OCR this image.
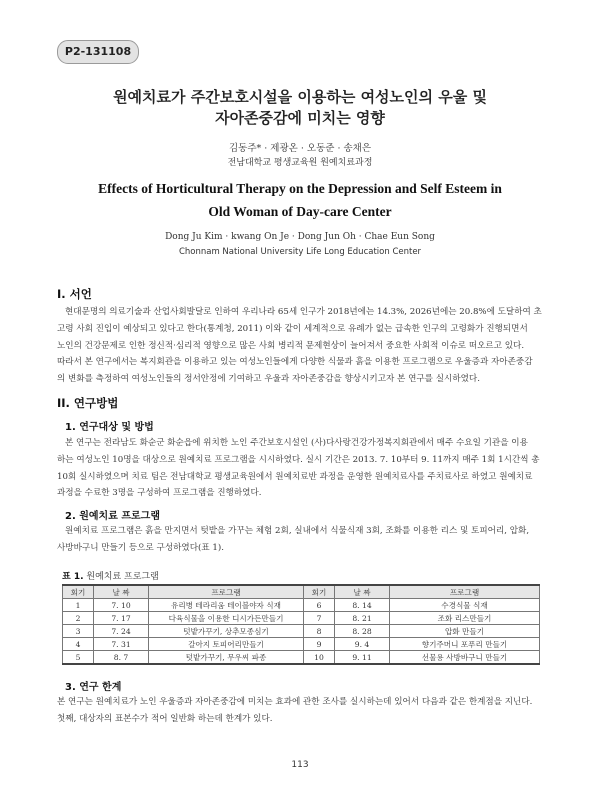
P2-131108
원예치료가 주간보호시설을 이용하는 여성노인의 우울 및
자아존중감에 미치는 영향
김동주* · 제광온 · 오동준 · 송채은
전남대학교 평생교육원 원예치료과정
Effects of Horticultural Therapy on the Depression and Self Esteem in
Old Woman of Day-care Center
Dong Ju Kim · kwang On Je · Dong Jun Oh · Chae Eun Song
Chonnam National University Life Long Education Center
I. 서언
현대문명의 의료기술과 산업사회발달로 인하여 우리나라 65세 인구가 2018년에는 14.3%, 2026년에는 20.8%에 도달하여 초
고령 사회 진입이 예상되고 있다고 한다(통계청, 2011) 이와 같이 세계적으로 유례가 없는 급속한 인구의 고령화가 진행되면서
노인의 건강문제로 인한 정신적·심리적 영향으로 많은 사회 병리적 문제현상이 늘어져서 중요한 사회적 이슈로 떠오르고 있다.
따라서 본 연구에서는 복지회관을 이용하고 있는 여성노인들에게 다양한 식물과 흙을 이용한 프로그램으로 우울증과 자아존중감
의 변화를 측정하여 여성노인들의 정서안정에 기여하고 우울과 자아존중감을 향상시키고자 본 연구를 실시하였다.
II. 연구방법
1. 연구대상 및 방법
본 연구는 전라남도 화순군 화순읍에 위치한 노인 주간보호시설인 (사)다사랑건강가정복지회관에서 매주 수요일 기관을 이용
하는 여성노인 10명을 대상으로 원예치료 프로그램을 시시하였다. 실시 기간은 2013. 7. 10부터 9. 11까지 매주 1회 1시간씩 총
10회 실시하였으며 치료 팀은 전남대학교 평생교육원에서 원예치료반 과정을 운영한 원예치료사를 주치료사로 하였고 원예치료
과정을 수료한 3명을 구성하여 프로그램을 진행하였다.
2. 원예치료 프로그램
원예치료 프로그램은 흙을 만지면서 텃밭을 가꾸는 체험 2회, 실내에서 식물식재 3회, 조화를 이용한 리스 및 토피어리, 압화,
사방바구니 만들기 등으로 구성하였다(표 1).
표 1. 원예치료 프로그램
회기	날 짜	프로그램	회기	날 짜	프로그램
1	7. 10	유리병 테라리움 테이블야자 식재	6	8. 14	수경식물 식재
2	7. 17	다육식물을 이용한 디시가든만들기	7	8. 21	조화 리스만들기
3	7. 24	텃밭가꾸기, 상추모종심기	8	8. 28	압화 만들기
4	7. 31	갈아지 토피어리만들기	9	9. 4	향기주머니 포푸리 만들기
5	8. 7	텃밭가꾸기, 무우씨 파종	10	9. 11	선물용 사방바구니 만들기
3. 연구 한계
본 연구는 원예치료가 노인 우울증과 자아존중감에 미치는 효과에 관한 조사를 실시하는데 있어서 다음과 같은 한계점을 지닌다.
첫째, 대상자의 표본수가 적어 일반화 하는데 한계가 있다.
113
